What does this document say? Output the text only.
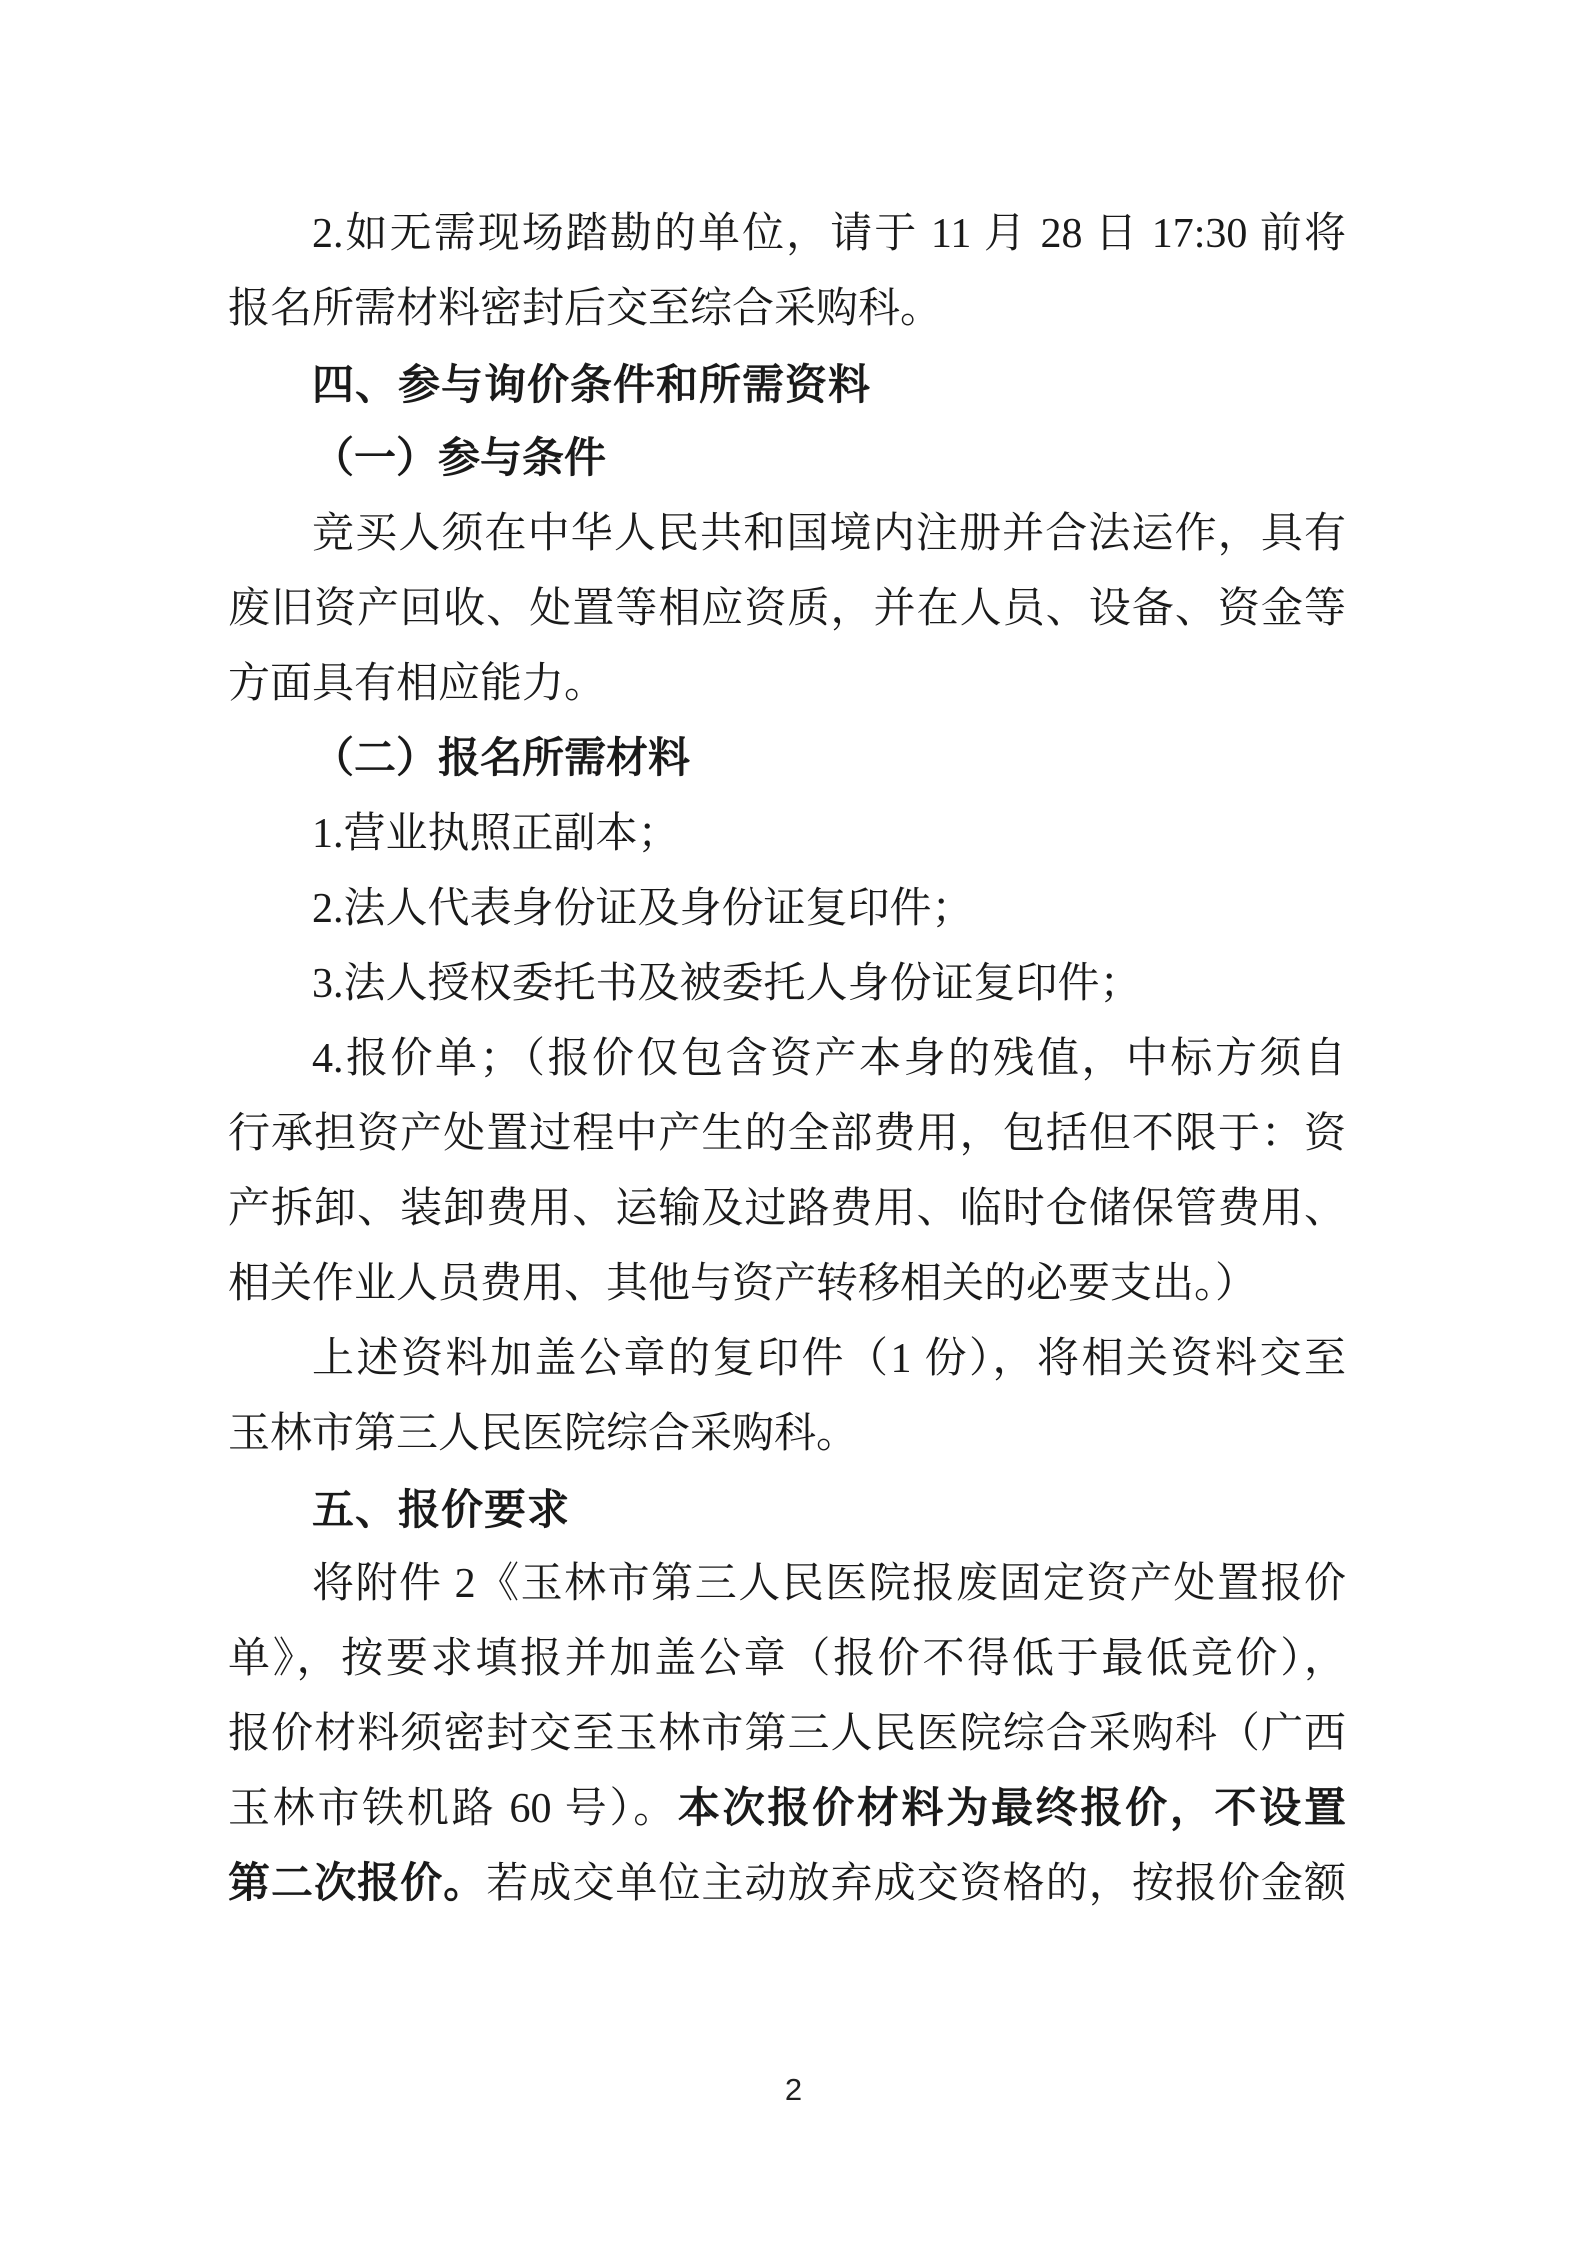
2.如无需现场踏勘的单位，请于 11 月 28 日 17:30 前将
报名所需材料密封后交至综合采购科。
四、参与询价条件和所需资料
（一）参与条件
竞买人须在中华人民共和国境内注册并合法运作，具有
废旧资产回收、处置等相应资质，并在人员、设备、资金等
方面具有相应能力。
（二）报名所需材料
1.营业执照正副本；
2.法人代表身份证及身份证复印件；
3.法人授权委托书及被委托人身份证复印件；
4.报价单；（报价仅包含资产本身的残值，中标方须自
行承担资产处置过程中产生的全部费用，包括但不限于：资
产拆卸、装卸费用、运输及过路费用、临时仓储保管费用、
相关作业人员费用、其他与资产转移相关的必要支出。）
上述资料加盖公章的复印件（1 份），将相关资料交至
玉林市第三人民医院综合采购科。
五、报价要求
将附件 2《玉林市第三人民医院报废固定资产处置报价
单》，按要求填报并加盖公章（报价不得低于最低竞价），
报价材料须密封交至玉林市第三人民医院综合采购科（广西
玉林市铁机路 60 号）。本次报价材料为最终报价，不设置
第二次报价。若成交单位主动放弃成交资格的，按报价金额
2
